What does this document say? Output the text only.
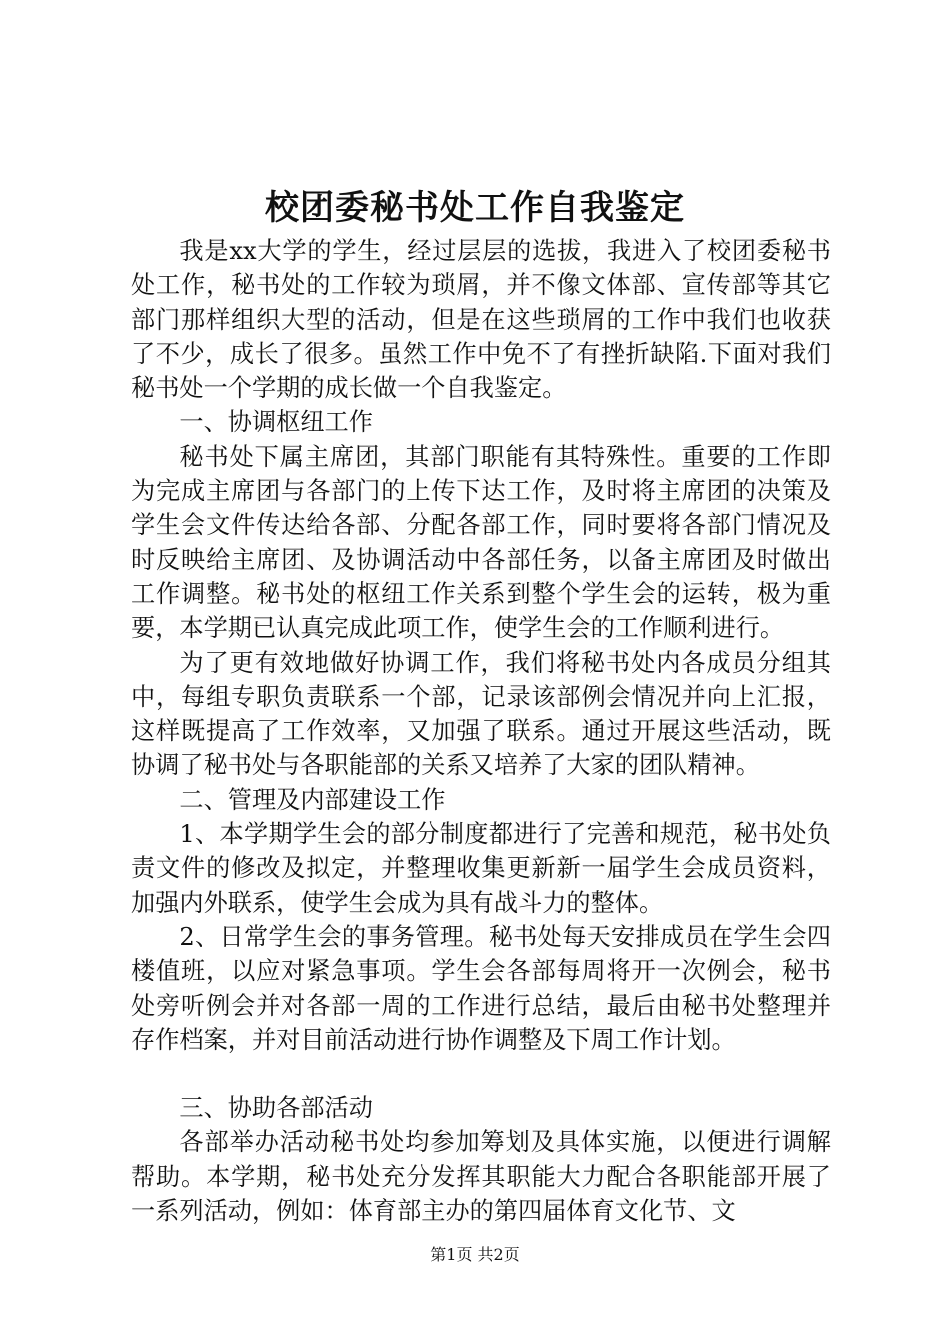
校团委秘书处工作自我鉴定

我是xx大学的学生，经过层层的选拔，我进入了校团委秘书处工作，秘书处的工作较为琐屑，并不像文体部、宣传部等其它部门那样组织大型的活动，但是在这些琐屑的工作中我们也收获了不少，成长了很多。虽然工作中免不了有挫折缺陷.下面对我们秘书处一个学期的成长做一个自我鉴定。

一、协调枢纽工作

秘书处下属主席团，其部门职能有其特殊性。重要的工作即为完成主席团与各部门的上传下达工作，及时将主席团的决策及学生会文件传达给各部、分配各部工作，同时要将各部门情况及时反映给主席团、及协调活动中各部任务，以备主席团及时做出工作调整。秘书处的枢纽工作关系到整个学生会的运转，极为重要，本学期已认真完成此项工作，使学生会的工作顺利进行。

为了更有效地做好协调工作，我们将秘书处内各成员分组其中，每组专职负责联系一个部，记录该部例会情况并向上汇报，这样既提高了工作效率，又加强了联系。通过开展这些活动，既协调了秘书处与各职能部的关系又培养了大家的团队精神。

二、管理及内部建设工作

1、本学期学生会的部分制度都进行了完善和规范，秘书处负责文件的修改及拟定，并整理收集更新新一届学生会成员资料，加强内外联系，使学生会成为具有战斗力的整体。

2、日常学生会的事务管理。秘书处每天安排成员在学生会四楼值班，以应对紧急事项。学生会各部每周将开一次例会，秘书处旁听例会并对各部一周的工作进行总结，最后由秘书处整理并存作档案，并对目前活动进行协作调整及下周工作计划。

三、协助各部活动

各部举办活动秘书处均参加筹划及具体实施，以便进行调解帮助。本学期，秘书处充分发挥其职能大力配合各职能部开展了一系列活动，例如：体育部主办的第四届体育文化节、文

第1页 共2页
